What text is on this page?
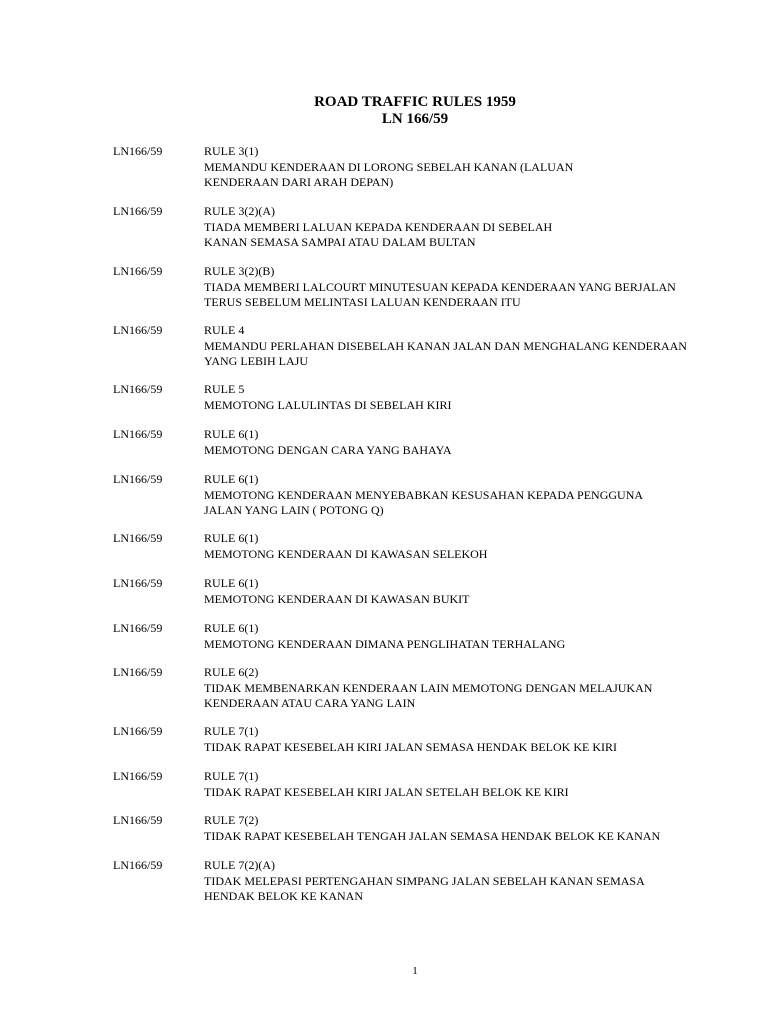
ROAD TRAFFIC RULES 1959

LN 166/59

LN166/59	RULE 3(1)
MEMANDU KENDERAAN DI LORONG SEBELAH KANAN (LALUAN
KENDERAAN DARI ARAH DEPAN)
LN166/59	RULE 3(2)(A)
TIADA MEMBERI LALUAN KEPADA KENDERAAN DI SEBELAH
KANAN SEMASA SAMPAI ATAU DALAM BULTAN
LN166/59	RULE 3(2)(B)
TIADA MEMBERI LALCOURT MINUTESUAN KEPADA KENDERAAN YANG BERJALAN
TERUS SEBELUM MELINTASI LALUAN KENDERAAN ITU
LN166/59	RULE 4
MEMANDU PERLAHAN DISEBELAH KANAN JALAN DAN MENGHALANG KENDERAAN
YANG LEBIH LAJU
LN166/59	RULE 5
MEMOTONG LALULINTAS DI SEBELAH KIRI
LN166/59	RULE 6(1)
MEMOTONG DENGAN CARA YANG BAHAYA
LN166/59	RULE 6(1)
MEMOTONG KENDERAAN MENYEBABKAN KESUSAHAN KEPADA PENGGUNA
JALAN YANG LAIN ( POTONG Q)
LN166/59	RULE 6(1)
MEMOTONG KENDERAAN DI KAWASAN SELEKOH
LN166/59	RULE 6(1)
MEMOTONG KENDERAAN DI KAWASAN BUKIT
LN166/59	RULE 6(1)
MEMOTONG KENDERAAN DIMANA PENGLIHATAN TERHALANG
LN166/59	RULE 6(2)
TIDAK MEMBENARKAN KENDERAAN LAIN MEMOTONG DENGAN MELAJUKAN
KENDERAAN ATAU CARA YANG LAIN
LN166/59	RULE 7(1)
TIDAK RAPAT KESEBELAH KIRI JALAN SEMASA HENDAK BELOK KE KIRI
LN166/59	RULE 7(1)
TIDAK RAPAT KESEBELAH KIRI JALAN SETELAH BELOK KE KIRI
LN166/59	RULE 7(2)
TIDAK RAPAT KESEBELAH TENGAH JALAN SEMASA HENDAK BELOK KE KANAN
LN166/59	RULE 7(2)(A)
TIDAK MELEPASI PERTENGAHAN SIMPANG JALAN SEBELAH KANAN SEMASA
HENDAK BELOK KE KANAN
1
